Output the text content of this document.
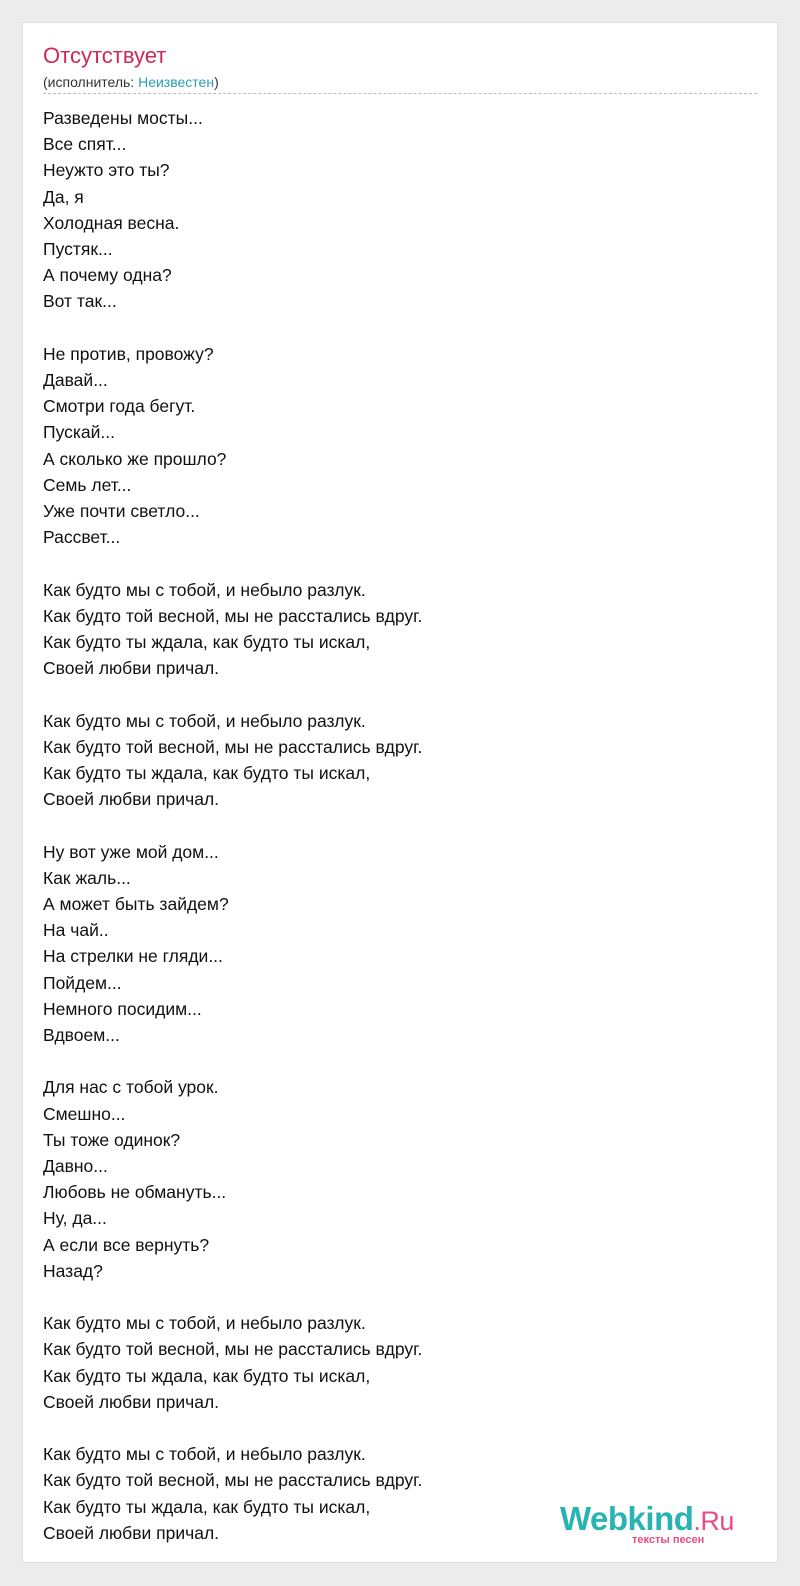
Отсутствует
(исполнитель: Неизвестен)
Разведены мосты...
Все спят...
Неужто это ты?
Да, я
Холодная весна.
Пустяк...
А почему одна?
Вот так...
Не против, провожу?
Давай...
Смотри года бегут.
Пускай...
А сколько же прошло?
Семь лет...
Уже почти светло...
Рассвет...
Как будто мы с тобой, и небыло разлук.
Как будто той весной, мы не расстались вдруг.
Как будто ты ждала, как будто ты искал,
Своей любви причал.
Как будто мы с тобой, и небыло разлук.
Как будто той весной, мы не расстались вдруг.
Как будто ты ждала, как будто ты искал,
Своей любви причал.
Ну вот уже мой дом...
Как жаль...
А может быть зайдем?
На чай..
На стрелки не гляди...
Пойдем...
Немного посидим...
Вдвоем...
Для нас с тобой урок.
Смешно...
Ты тоже одинок?
Давно...
Любовь не обмануть...
Ну, да...
А если все вернуть?
Назад?
Как будто мы с тобой, и небыло разлук.
Как будто той весной, мы не расстались вдруг.
Как будто ты ждала, как будто ты искал,
Своей любви причал.
Как будто мы с тобой, и небыло разлук.
Как будто той весной, мы не расстались вдруг.
Как будто ты ждала, как будто ты искал,
Своей любви причал.	Webkind.Ru
тексты песен
